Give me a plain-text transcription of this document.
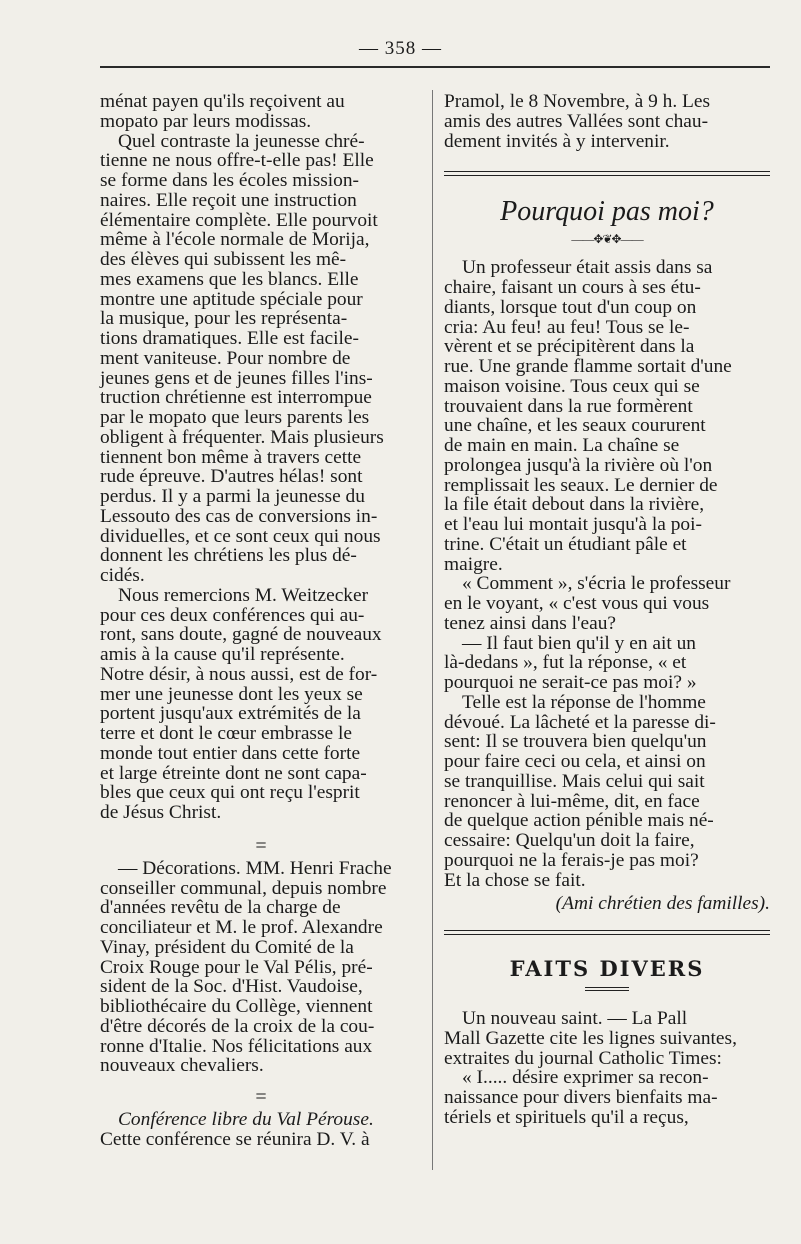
— 358 —

ménat payen qu'ils reçoivent au

mopato par leurs modissas.

Quel contraste la jeunesse chré-

tienne ne nous offre-t-elle pas! Elle

se forme dans les écoles mission-

naires. Elle reçoit une instruction

élémentaire complète. Elle pourvoit

même à l'école normale de Morija,

des élèves qui subissent les mê-

mes examens que les blancs. Elle

montre une aptitude spéciale pour

la musique, pour les représenta-

tions dramatiques. Elle est facile-

ment vaniteuse. Pour nombre de

jeunes gens et de jeunes filles l'ins-

truction chrétienne est interrompue

par le mopato que leurs parents les

obligent à fréquenter. Mais plusieurs

tiennent bon même à travers cette

rude épreuve. D'autres hélas! sont

perdus. Il y a parmi la jeunesse du

Lessouto des cas de conversions in-

dividuelles, et ce sont ceux qui nous

donnent les chrétiens les plus dé-

cidés.

Nous remercions M. Weitzecker

pour ces deux conférences qui au-

ront, sans doute, gagné de nouveaux

amis à la cause qu'il représente.

Notre désir, à nous aussi, est de for-

mer une jeunesse dont les yeux se

portent jusqu'aux extrémités de la

terre et dont le cœur embrasse le

monde tout entier dans cette forte

et large étreinte dont ne sont capa-

bles que ceux qui ont reçu l'esprit

de Jésus Christ.

=

— Décorations. MM. Henri Frache

conseiller communal, depuis nombre

d'années revêtu de la charge de

conciliateur et M. le prof. Alexandre

Vinay, président du Comité de la

Croix Rouge pour le Val Pélis, pré-

sident de la Soc. d'Hist. Vaudoise,

bibliothécaire du Collège, viennent

d'être décorés de la croix de la cou-

ronne d'Italie. Nos félicitations aux

nouveaux chevaliers.

=

Conférence libre du Val Pérouse.

Cette conférence se réunira D. V. à

Pramol, le 8 Novembre, à 9 h. Les

amis des autres Vallées sont chau-

dement invités à y intervenir.

Pourquoi pas moi?
——✥❦✥——

Un professeur était assis dans sa

chaire, faisant un cours à ses étu-

diants, lorsque tout d'un coup on

cria: Au feu! au feu! Tous se le-

vèrent et se précipitèrent dans la

rue. Une grande flamme sortait d'une

maison voisine. Tous ceux qui se

trouvaient dans la rue formèrent

une chaîne, et les seaux coururent

de main en main. La chaîne se

prolongea jusqu'à la rivière où l'on

remplissait les seaux. Le dernier de

la file était debout dans la rivière,

et l'eau lui montait jusqu'à la poi-

trine. C'était un étudiant pâle et

maigre.

« Comment », s'écria le professeur

en le voyant, « c'est vous qui vous

tenez ainsi dans l'eau?

— Il faut bien qu'il y en ait un

là-dedans », fut la réponse, « et

pourquoi ne serait-ce pas moi? »

Telle est la réponse de l'homme

dévoué. La lâcheté et la paresse di-

sent: Il se trouvera bien quelqu'un

pour faire ceci ou cela, et ainsi on

se tranquillise. Mais celui qui sait

renoncer à lui-même, dit, en face

de quelque action pénible mais né-

cessaire: Quelqu'un doit la faire,

pourquoi ne la ferais-je pas moi?

Et la chose se fait.

(Ami chrétien des familles).

FAITS DIVERS

Un nouveau saint. — La Pall

Mall Gazette cite les lignes suivantes,

extraites du journal Catholic Times:

« I..... désire exprimer sa recon-

naissance pour divers bienfaits ma-

tériels et spirituels qu'il a reçus,
